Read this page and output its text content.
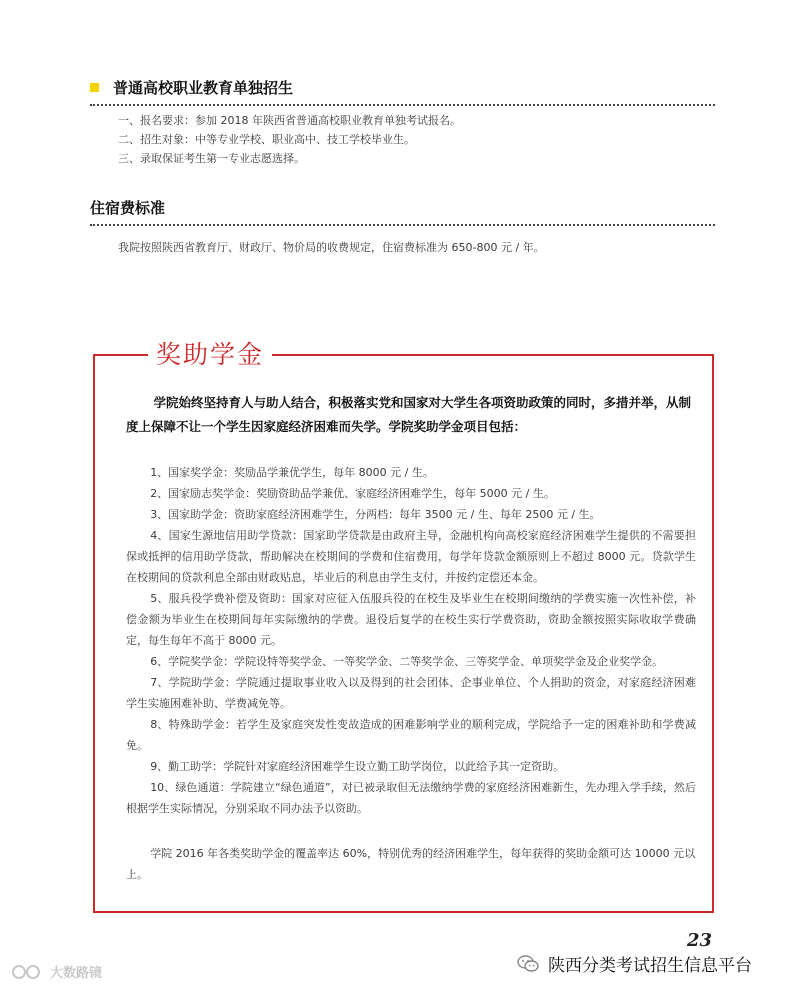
普通高校职业教育单独招生
一、报名要求：参加 2018 年陕西省普通高校职业教育单独考试报名。
二、招生对象：中等专业学校、职业高中、技工学校毕业生。
三、录取保证考生第一专业志愿选择。
住宿费标准
我院按照陕西省教育厅、财政厅、物价局的收费规定，住宿费标准为 650-800 元 / 年。
奖助学金

学院始终坚持育人与助人结合，积极落实党和国家对大学生各项资助政策的同时，多措并举，从制度上保障不让一个学生因家庭经济困难而失学。学院奖助学金项目包括：

1、国家奖学金：奖励品学兼优学生，每年 8000 元 / 生。
2、国家励志奖学金：奖励资助品学兼优、家庭经济困难学生，每年 5000 元 / 生。
3、国家助学金：资助家庭经济困难学生，分两档：每年 3500 元 / 生、每年 2500 元 / 生。
4、国家生源地信用助学贷款：国家助学贷款是由政府主导，金融机构向高校家庭经济困难学生提供的不需要担保或抵押的信用助学贷款，帮助解决在校期间的学费和住宿费用，每学年贷款金额原则上不超过 8000 元。贷款学生在校期间的贷款利息全部由财政贴息，毕业后的利息由学生支付，并按约定偿还本金。
5、服兵役学费补偿及资助：国家对应征入伍服兵役的在校生及毕业生在校期间缴纳的学费实施一次性补偿，补偿金额为毕业生在校期间每年实际缴纳的学费。退役后复学的在校生实行学费资助，资助金额按照实际收取学费确定，每生每年不高于 8000 元。
6、学院奖学金：学院设特等奖学金、一等奖学金、二等奖学金、三等奖学金、单项奖学金及企业奖学金。
7、学院助学金：学院通过提取事业收入以及得到的社会团体、企事业单位、个人捐助的资金，对家庭经济困难学生实施困难补助、学费减免等。
8、特殊助学金：若学生及家庭突发性变故造成的困难影响学业的顺利完成，学院给予一定的困难补助和学费减免。
9、勤工助学：学院针对家庭经济困难学生设立勤工助学岗位，以此给予其一定资助。
10、绿色通道：学院建立“绿色通道”，对已被录取但无法缴纳学费的家庭经济困难新生，先办理入学手续，然后根据学生实际情况，分别采取不同办法予以资助。

学院 2016 年各类奖助学金的覆盖率达 60%，特别优秀的经济困难学生，每年获得的奖助金额可达 10000 元以上。

23
大数路镜	陕西分类考试招生信息平台
